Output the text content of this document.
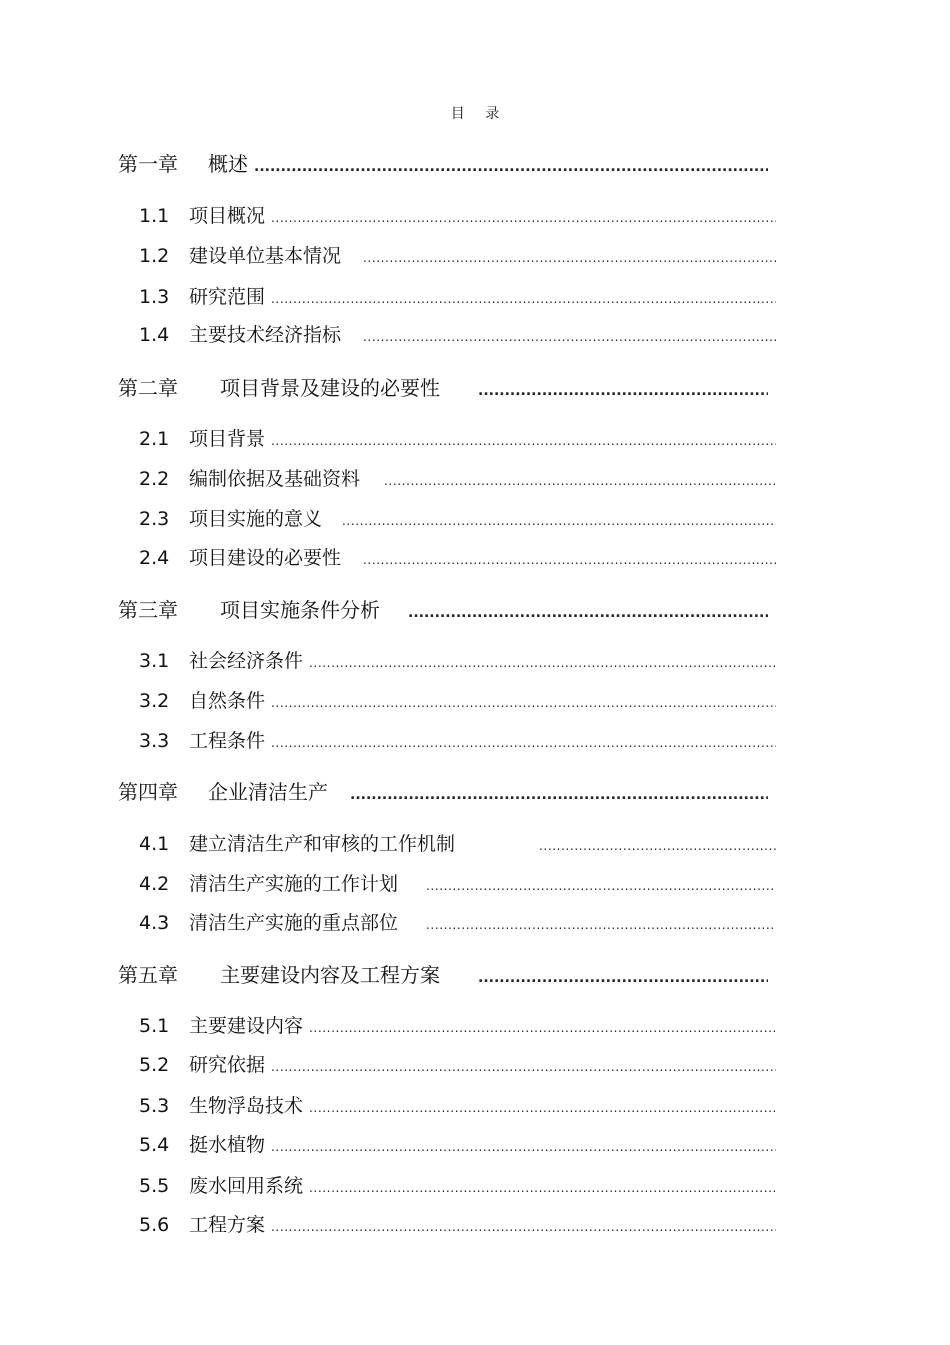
目 录
第一章	概述
.....
1.1	项目概况
.....
1.2	建设单位基本情况
.....
1.3	研究范围
.....
1.4	主要技术经济指标
.....
第二章	项目背景及建设的必要性
.....
2.1	项目背景
.....
2.2	编制依据及基础资料
.....
2.3	项目实施的意义
.....
2.4	项目建设的必要性
.....
第三章	项目实施条件分析
.....
3.1	社会经济条件
.....
3.2	自然条件
.....
3.3	工程条件
.....
第四章	企业清洁生产
.....
4.1	建立清洁生产和审核的工作机制
.....
4.2	清洁生产实施的工作计划
.....
4.3	清洁生产实施的重点部位
.....
第五章	主要建设内容及工程方案
.....
5.1	主要建设内容
.....
5.2	研究依据
.....
5.3	生物浮岛技术
.....
5.4	挺水植物
.....
5.5	废水回用系统
.....
5.6	工程方案
.....
